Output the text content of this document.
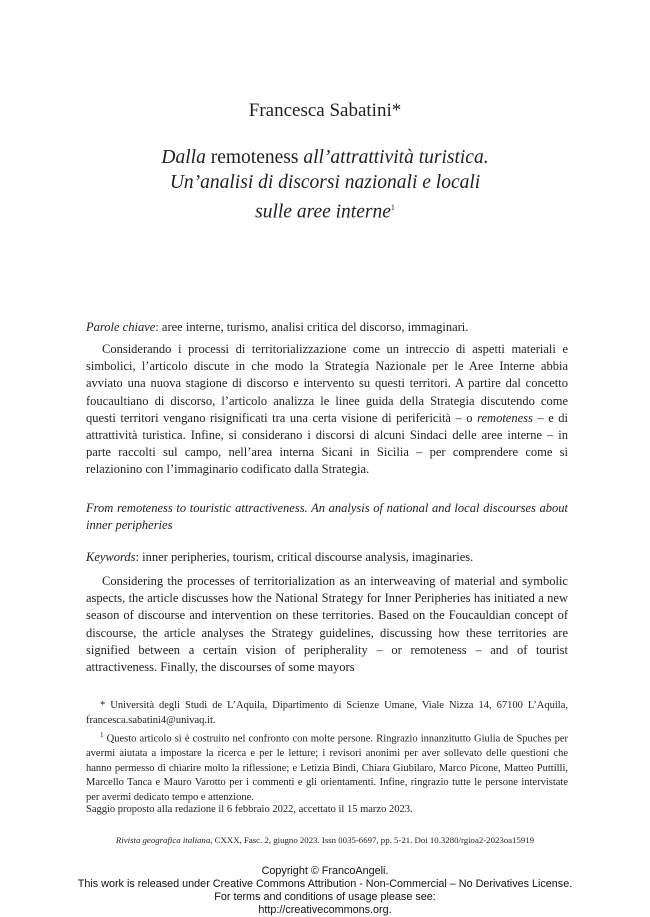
Francesca Sabatini*
Dalla remoteness all’attrattività turistica.
Un’analisi di discorsi nazionali e locali
sulle aree interne$^1$
Parole chiave: aree interne, turismo, analisi critica del discorso, immaginari.

Considerando i processi di territorializzazione come un intreccio di aspetti materiali e simbolici, l’articolo discute in che modo la Strategia Nazionale per le Aree Interne abbia avviato una nuova stagione di discorso e intervento su questi territori. A partire dal concetto foucaultiano di discorso, l’articolo analizza le linee guida della Strategia discutendo come questi territori vengano risignificati tra una certa visione di perifericità – o remoteness – e di attrattività turistica. Infine, si considerano i discorsi di alcuni Sindaci delle aree interne – in parte raccolti sul campo, nell’area interna Sicani in Sicilia – per comprendere come si relazionino con l’immaginario codificato dalla Strategia.

From remoteness to touristic attractiveness. An analysis of national and local discourses about inner peripheries

Keywords: inner peripheries, tourism, critical discourse analysis, imaginaries.

Considering the processes of territorialization as an interweaving of material and symbolic aspects, the article discusses how the National Strategy for Inner Peripheries has initiated a new season of discourse and intervention on these territories. Based on the Foucauldian concept of discourse, the article analyses the Strategy guidelines, discussing how these territories are signified between a certain vision of peripherality – or remoteness – and of tourist attractiveness. Finally, the discourses of some mayors

* Università degli Studi de L’Aquila, Dipartimento di Scienze Umane, Viale Nizza 14, 67100 L’Aquila, francesca.sabatini4@univaq.it.

$^1$ Questo articolo si è costruito nel confronto con molte persone. Ringrazio innanzitutto Giulia de Spuches per avermi aiutata a impostare la ricerca e per le letture; i revisori anonimi per aver sollevato delle questioni che hanno permesso di chiarire molto la riflessione; e Letizia Bindi, Chiara Giubilaro, Marco Picone, Matteo Puttilli, Marcello Tanca e Mauro Varotto per i commenti e gli orientamenti. Infine, ringrazio tutte le persone intervistate per avermi dedicato tempo e attenzione.

Saggio proposto alla redazione il 6 febbraio 2022, accettato il 15 marzo 2023.
Rivista geografica italiana, CXXX, Fasc. 2, giugno 2023. Issn 0035-6697, pp. 5-21. Doi 10.3280/rgioa2-2023oa15919
Copyright © FrancoAngeli.
This work is released under Creative Commons Attribution - Non-Commercial – No Derivatives License.
For terms and conditions of usage please see:
http://creativecommons.org.
